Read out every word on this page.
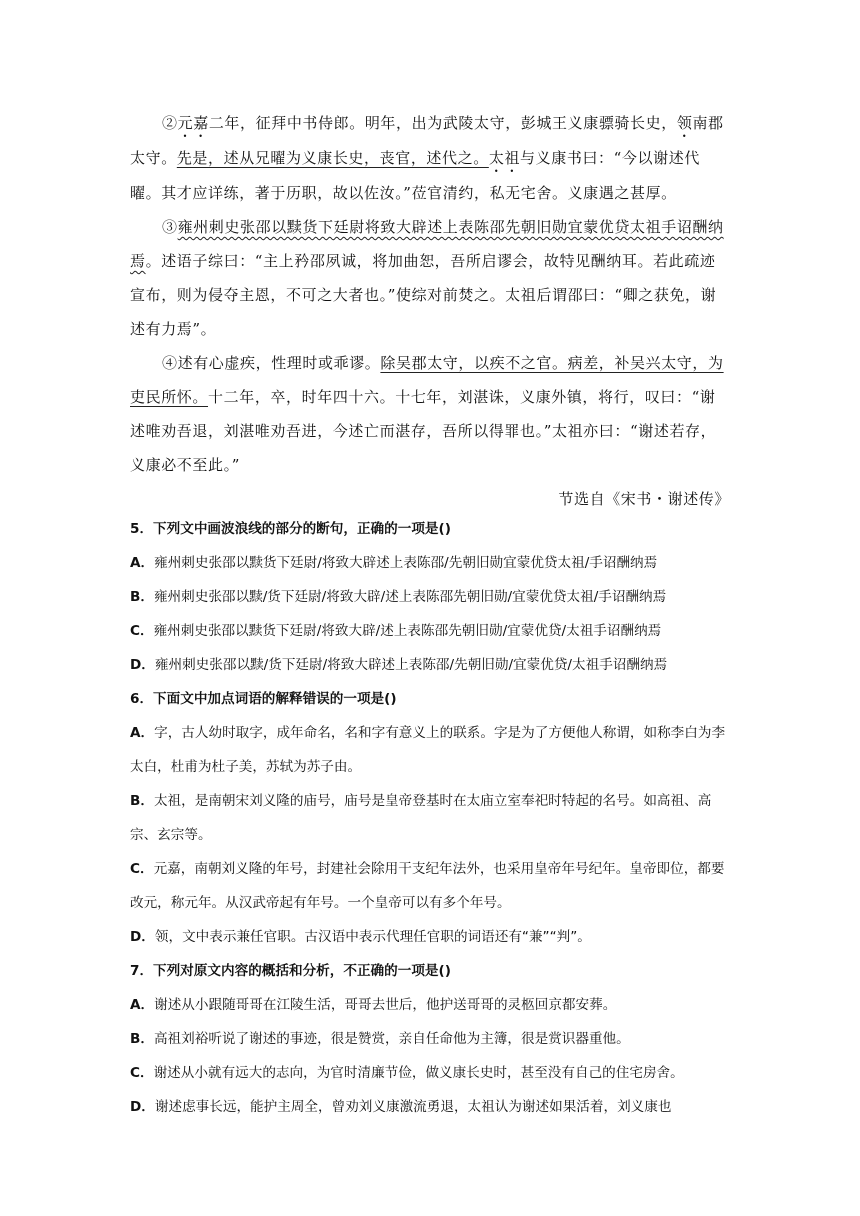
②元嘉二年，征拜中书侍郎。明年，出为武陵太守，彭城王义康骠骑长史，领南郡太守。先是，述从兄曜为义康长史，丧官，述代之。太祖与义康书曰：“今以谢述代曜。其才应详练，著于历职，故以佐汝。”莅官清约，私无宅舍。义康遇之甚厚。

③雍州刺史张邵以黩货下廷尉将致大辟述上表陈邵先朝旧勋宜蒙优贷太祖手诏酬纳焉。述语子综曰：“主上矜邵夙诚，将加曲恕，吾所启谬会，故特见酬纳耳。若此疏迹宣布，则为侵夺主恩，不可之大者也。”使综对前焚之。太祖后谓邵曰：“卿之获免，谢述有力焉”。

④述有心虚疾，性理时或乖谬。除吴郡太守，以疾不之官。病差，补吴兴太守，为吏民所怀。十二年，卒，时年四十六。十七年，刘湛诛，义康外镇，将行，叹曰：“谢述唯劝吾退，刘湛唯劝吾进，今述亡而湛存，吾所以得罪也。”太祖亦曰：“谢述若存，义康必不至此。”

节选自《宋书・谢述传》

5．下列文中画波浪线的部分的断句，正确的一项是()

A．雍州刺史张邵以黩货下廷尉/将致大辟述上表陈邵/先朝旧勋宜蒙优贷太祖/手诏酬纳焉

B．雍州刺史张邵以黩/货下廷尉/将致大辟/述上表陈邵先朝旧勋/宜蒙优贷太祖/手诏酬纳焉

C．雍州刺史张邵以黩货下廷尉/将致大辟/述上表陈邵先朝旧勋/宜蒙优贷/太祖手诏酬纳焉

D．雍州刺史张邵以黩/货下廷尉/将致大辟述上表陈邵/先朝旧勋/宜蒙优贷/太祖手诏酬纳焉

6．下面文中加点词语的解释错误的一项是()

A．字，古人幼时取字，成年命名，名和字有意义上的联系。字是为了方便他人称谓，如称李白为李太白，杜甫为杜子美，苏轼为苏子由。

B．太祖，是南朝宋刘义隆的庙号，庙号是皇帝登基时在太庙立室奉祀时特起的名号。如高祖、高宗、玄宗等。

C．元嘉，南朝刘义隆的年号，封建社会除用干支纪年法外，也采用皇帝年号纪年。皇帝即位，都要改元，称元年。从汉武帝起有年号。一个皇帝可以有多个年号。

D．领，文中表示兼任官职。古汉语中表示代理任官职的词语还有“兼”“判”。

7．下列对原文内容的概括和分析，不正确的一项是()

A．谢述从小跟随哥哥在江陵生活，哥哥去世后，他护送哥哥的灵柩回京都安葬。

B．高祖刘裕听说了谢述的事迹，很是赞赏，亲自任命他为主簿，很是赏识器重他。

C．谢述从小就有远大的志向，为官时清廉节俭，做义康长史时，甚至没有自己的住宅房舍。

D．谢述虑事长远，能护主周全，曾劝刘义康激流勇退，太祖认为谢述如果活着，刘义康也
